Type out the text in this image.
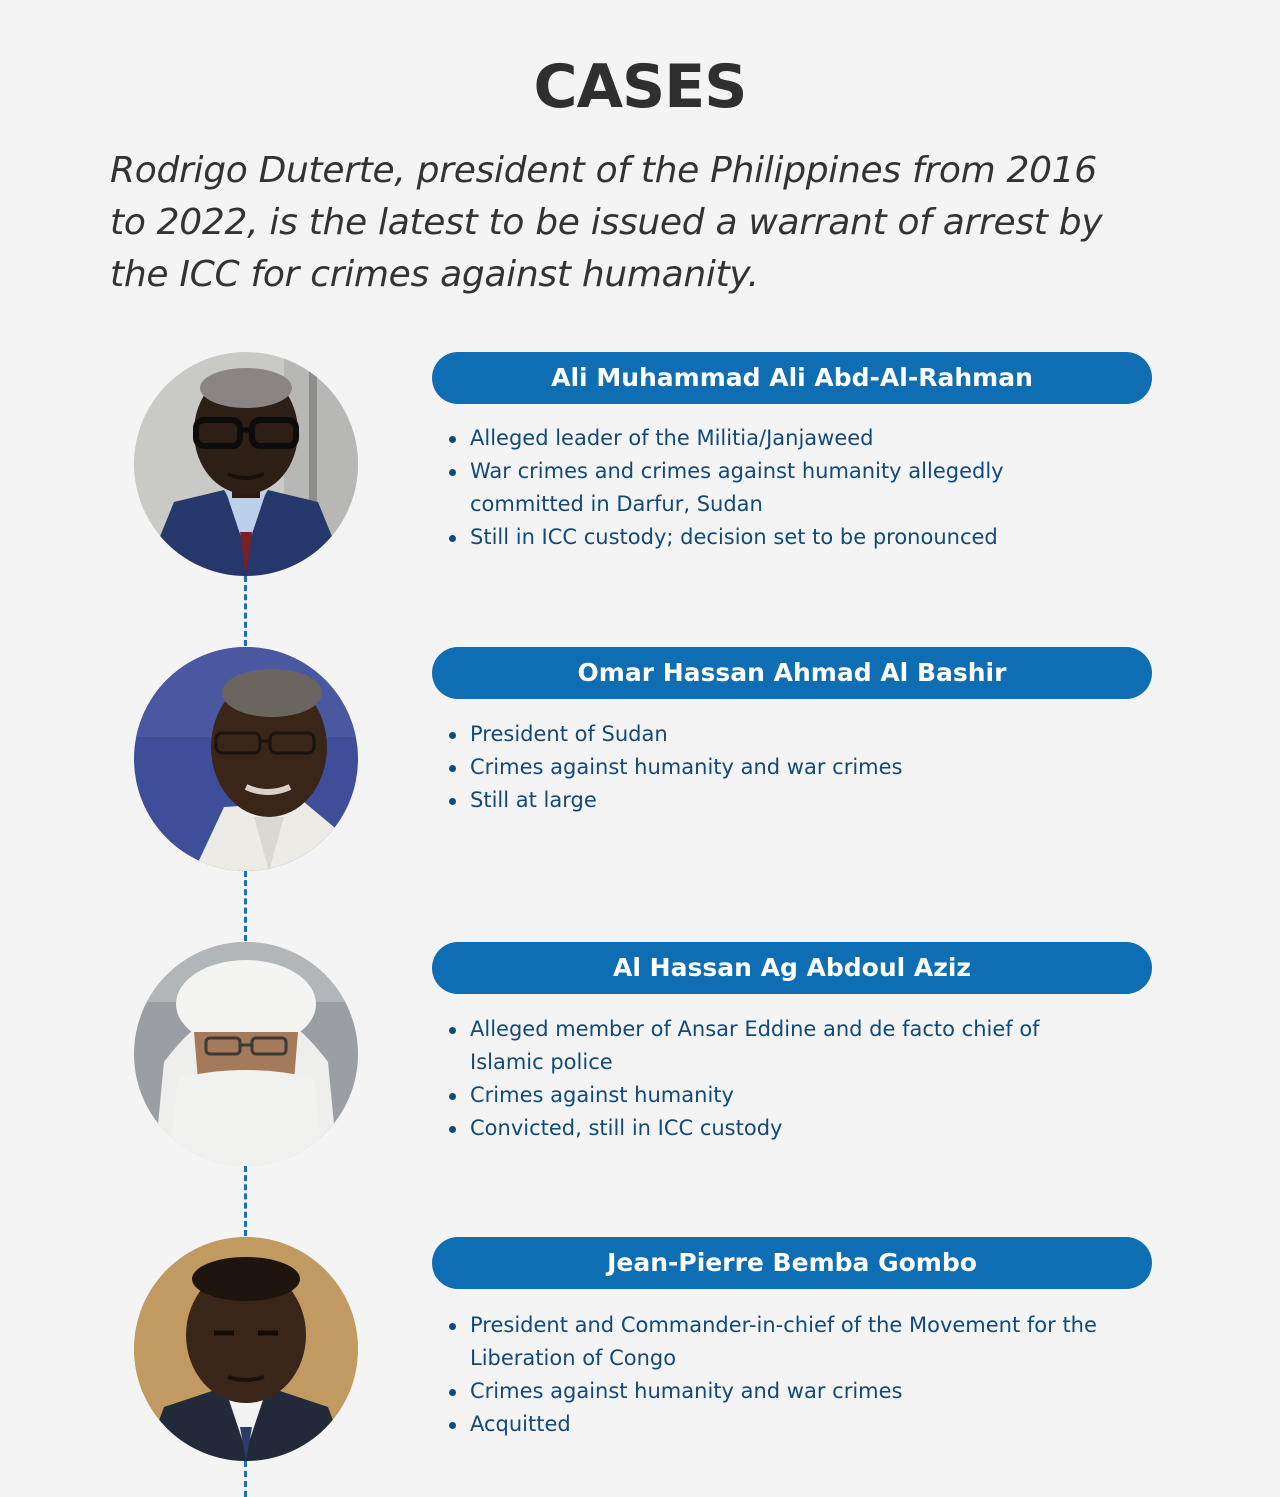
CASES
Rodrigo Duterte, president of the Philippines from 2016
to 2022, is the latest to be issued a warrant of arrest by
the ICC for crimes against humanity.
Ali Muhammad Ali Abd-Al-Rahman
Alleged leader of the Militia/Janjaweed
War crimes and crimes against humanity allegedly committed in Darfur, Sudan
Still in ICC custody; decision set to be pronounced
Omar Hassan Ahmad Al Bashir
President of Sudan
Crimes against humanity and war crimes
Still at large
Al Hassan Ag Abdoul Aziz
Alleged member of Ansar Eddine and de facto chief of Islamic police
Crimes against humanity
Convicted, still in ICC custody
Jean-Pierre Bemba Gombo
President and Commander-in-chief of the Movement for the Liberation of Congo
Crimes against humanity and war crimes
Acquitted
